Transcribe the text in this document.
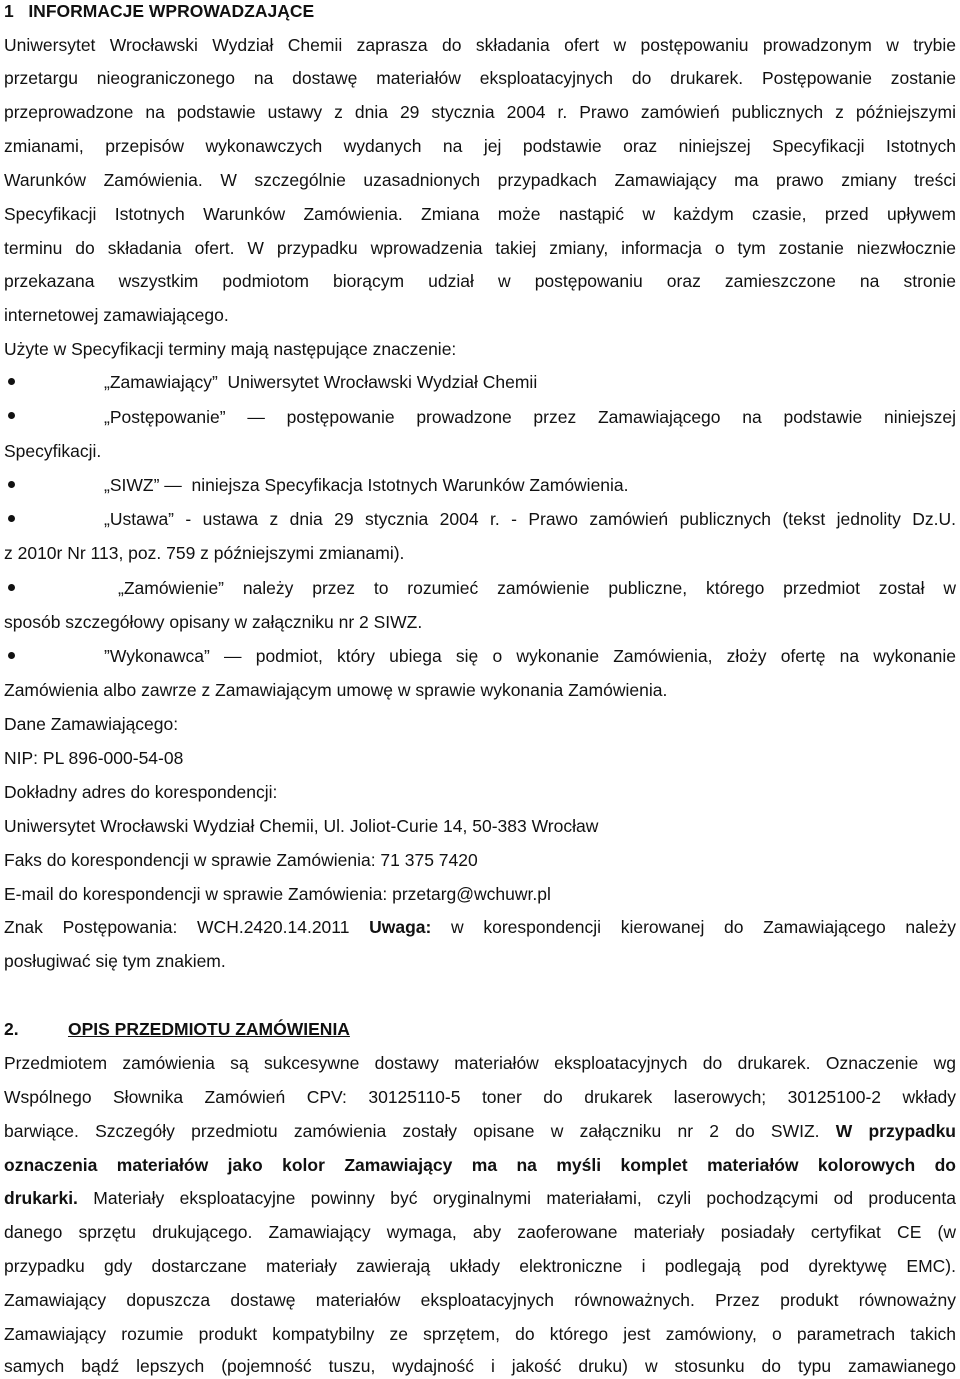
1   INFORMACJE WPROWADZAJĄCE
Uniwersytet Wrocławski Wydział Chemii zaprasza do składania ofert w postępowaniu prowadzonym w trybie
przetargu nieograniczonego na dostawę materiałów eksploatacyjnych do drukarek. Postępowanie zostanie
przeprowadzone na podstawie ustawy z dnia 29 stycznia 2004 r. Prawo zamówień publicznych z późniejszymi
zmianami, przepisów wykonawczych wydanych na jej podstawie oraz niniejszej Specyfikacji Istotnych
Warunków Zamówienia. W szczególnie uzasadnionych przypadkach Zamawiający ma prawo zmiany treści
Specyfikacji Istotnych Warunków Zamówienia. Zmiana może nastąpić w każdym czasie, przed upływem
terminu do składania ofert. W przypadku wprowadzenia takiej zmiany, informacja o tym zostanie niezwłocznie
przekazana wszystkim podmiotom biorącym udział w postępowaniu oraz zamieszczone na stronie
internetowej zamawiającego.
Użyte w Specyfikacji terminy mają następujące znaczenie:
„Zamawiający”  Uniwersytet Wrocławski Wydział Chemii
„Postępowanie” — postępowanie prowadzone przez Zamawiającego na podstawie niniejszej
Specyfikacji.
„SIWZ” —  niniejsza Specyfikacja Istotnych Warunków Zamówienia.
„Ustawa” - ustawa z dnia 29 stycznia 2004 r. - Prawo zamówień publicznych (tekst jednolity Dz.U.
z 2010r Nr 113, poz. 759 z późniejszymi zmianami).
„Zamówienie” należy przez to rozumieć zamówienie publiczne, którego przedmiot został w
sposób szczegółowy opisany w załączniku nr 2 SIWZ.
”Wykonawca” — podmiot, który ubiega się o wykonanie Zamówienia, złoży ofertę na wykonanie
Zamówienia albo zawrze z Zamawiającym umowę w sprawie wykonania Zamówienia.
Dane Zamawiającego:
NIP: PL 896-000-54-08
Dokładny adres do korespondencji:
Uniwersytet Wrocławski Wydział Chemii, Ul. Joliot-Curie 14, 50-383 Wrocław
Faks do korespondencji w sprawie Zamówienia: 71 375 7420
E-mail do korespondencji w sprawie Zamówienia: przetarg@wchuwr.pl
Znak Postępowania: WCH.2420.14.2011 Uwaga: w korespondencji kierowanej do Zamawiającego należy
posługiwać się tym znakiem.
2.	OPIS PRZEDMIOTU ZAMÓWIENIA
Przedmiotem zamówienia są sukcesywne dostawy materiałów eksploatacyjnych do drukarek. Oznaczenie wg
Wspólnego Słownika Zamówień CPV: 30125110-5 toner do drukarek laserowych; 30125100-2 wkłady
barwiące. Szczegóły przedmiotu zamówienia zostały opisane w załączniku nr 2 do SWIZ. W przypadku
oznaczenia materiałów jako kolor Zamawiający ma na myśli komplet materiałów kolorowych do
drukarki. Materiały eksploatacyjne powinny być oryginalnymi materiałami, czyli pochodzącymi od producenta
danego sprzętu drukującego. Zamawiający wymaga, aby zaoferowane materiały posiadały certyfikat CE (w
przypadku gdy dostarczane materiały zawierają układy elektroniczne i podlegają pod dyrektywę EMC).
Zamawiający dopuszcza dostawę materiałów eksploatacyjnych równoważnych. Przez produkt równoważny
Zamawiający rozumie produkt kompatybilny ze sprzętem, do którego jest zamówiony, o parametrach takich
samych bądź lepszych (pojemność tuszu, wydajność i jakość druku) w stosunku do typu zamawianego
